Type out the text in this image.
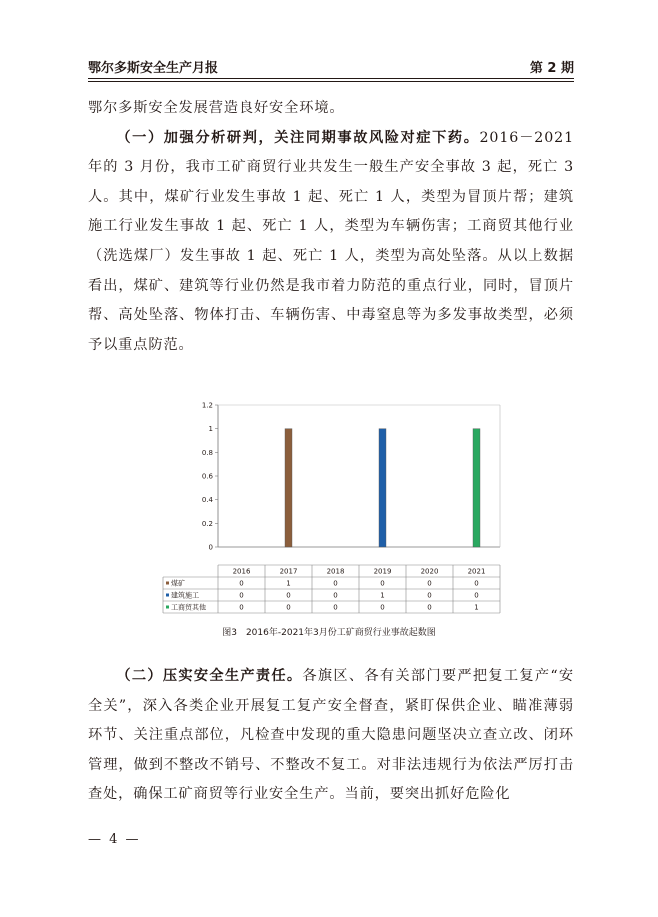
鄂尔多斯安全生产月报	第 2 期

鄂尔多斯安全发展营造良好安全环境。

（一）加强分析研判，关注同期事故风险对症下药。2016－2021 年的 3 月份，我市工矿商贸行业共发生一般生产安全事故 3 起，死亡 3 人。其中，煤矿行业发生事故 1 起、死亡 1 人，类型为冒顶片帮；建筑施工行业发生事故 1 起、死亡 1 人，类型为车辆伤害；工商贸其他行业（洗选煤厂）发生事故 1 起、死亡 1 人，类型为高处坠落。从以上数据看出，煤矿、建筑等行业仍然是我市着力防范的重点行业，同时，冒顶片帮、高处坠落、物体打击、车辆伤害、中毒窒息等为多发事故类型，必须予以重点防范。

0
0.2
0.4
0.6
0.8
1
1.2
2016	2017	2018	2019	2020	2021
煤矿	0	1	0	0	0	0
建筑施工	0	0	0	1	0	0
工商贸其他	0	0	0	0	0	1
图3　2016年-2021年3月份工矿商贸行业事故起数图

（二）压实安全生产责任。各旗区、各有关部门要严把复工复产“安全关”，深入各类企业开展复工复产安全督查，紧盯保供企业、瞄准薄弱环节、关注重点部位，凡检查中发现的重大隐患问题坚决立查立改、闭环管理，做到不整改不销号、不整改不复工。对非法违规行为依法严厉打击查处，确保工矿商贸等行业安全生产。当前，要突出抓好危险化

— 4 —
